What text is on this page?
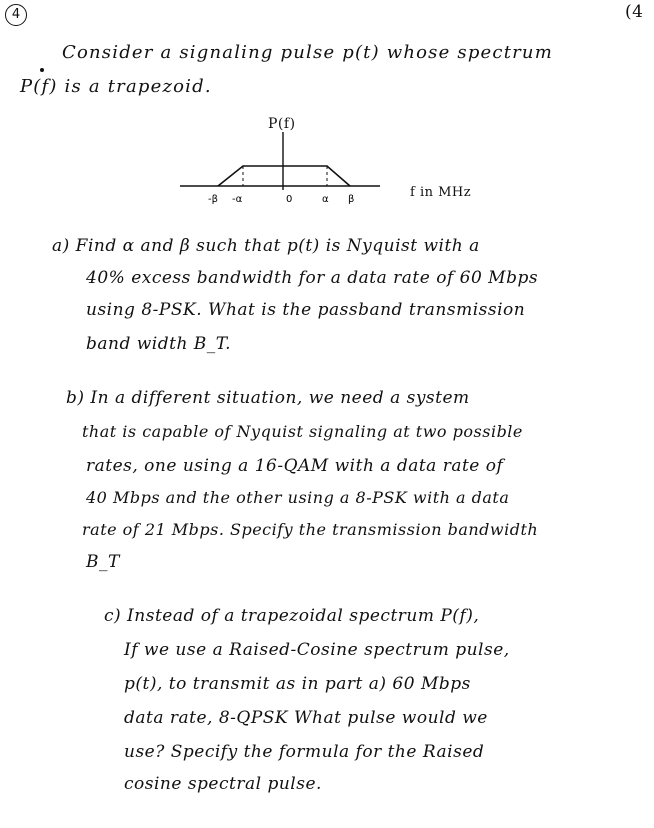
4	(4
Consider a signaling pulse p(t) whose spectrum
P(f) is a trapezoid.
P(f)
-β -α	0	α β	f in MHz
a) Find α and β such that p(t) is Nyquist with a
40% excess bandwidth for a data rate of 60 Mbps
using 8-PSK. What is the passband transmission
band width B_T.
b) In a different situation, we need a system
that is capable of Nyquist signaling at two possible
rates, one using a 16-QAM with a data rate of
40 Mbps and the other using a 8-PSK with a data
rate of 21 Mbps. Specify the transmission bandwidth
B_T
c) Instead of a trapezoidal spectrum P(f),
If we use a Raised-Cosine spectrum pulse,
p(t), to transmit as in part a) 60 Mbps
data rate, 8-QPSK What pulse would we
use? Specify the formula for the Raised
cosine spectral pulse.
